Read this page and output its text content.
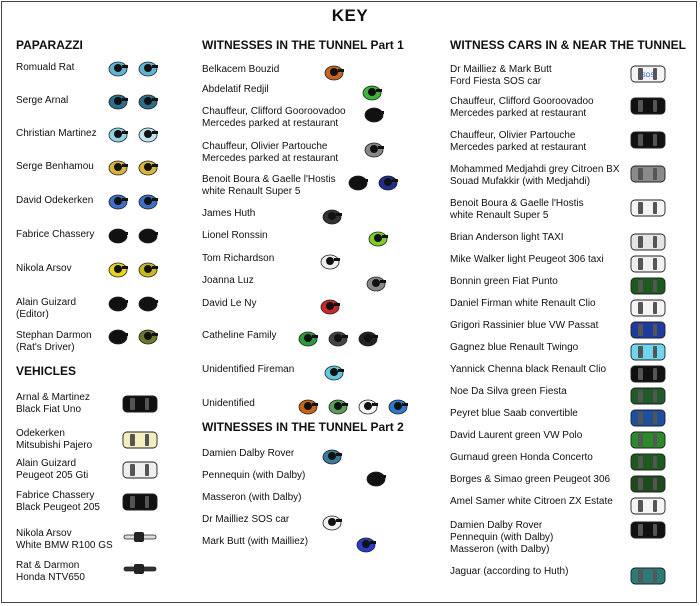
KEY
PAPARAZZI
Romuald Rat
Serge Arnal
Christian Martinez
Serge Benhamou
David Odekerken
Fabrice Chassery
Nikola Arsov
Alain Guizard
(Editor)
Stephan Darmon
(Rat's Driver)
VEHICLES
Arnal & Martinez
Black Fiat Uno
Odekerken
Mitsubishi Pajero
Alain Guizard
Peugeot 205 Gti
Fabrice Chassery
Black Peugeot 205
Nikola Arsov
White BMW R100 GS
Rat & Darmon
Honda NTV650
WITNESSES IN THE TUNNEL Part 1
Belkacem Bouzid
Abdelatif Redjil
Chauffeur, Clifford Gooroovadoo
Mercedes parked at restaurant
Chauffeur, Olivier Partouche
Mercedes parked at restaurant
Benoit Boura & Gaelle l'Hostis
white Renault Super 5
James Huth
Lionel Ronssin
Tom Richardson
Joanna Luz
David Le Ny
Catheline Family
Unidentified Fireman
Unidentified
WITNESSES IN THE TUNNEL Part 2
Damien Dalby Rover
Pennequin (with Dalby)
Masseron (with Dalby)
Dr Mailliez SOS car
Mark Butt (with Mailliez)
WITNESS CARS IN & NEAR THE TUNNEL
Dr Mailliez & Mark Butt
Ford Fiesta SOS car	SOS
Chauffeur, Clifford Gooroovadoo
Mercedes parked at restaurant
Chauffeur, Olivier Partouche
Mercedes parked at restaurant
Mohammed Medjahdi grey Citroen BX
Souad Mufakkir (with Medjahdi)
Benoit Boura & Gaelle l'Hostis
white Renault Super 5
Brian Anderson light TAXI
Mike Walker light Peugeot 306 taxi
Bonnin green Fiat Punto
Daniel Firman white Renault Clio
Grigori Rassinier blue VW Passat
Gagnez blue Renault Twingo
Yannick Chenna black Renault Clio
Noe Da Silva green Fiesta
Peyret blue Saab convertible
David Laurent green VW Polo
Gurnaud green Honda Concerto
Borges & Simao green Peugeot 306
Amel Samer white Citroen ZX Estate
Damien Dalby Rover
Pennequin (with Dalby)
Masseron (with Dalby)
Jaguar (according to Huth)
